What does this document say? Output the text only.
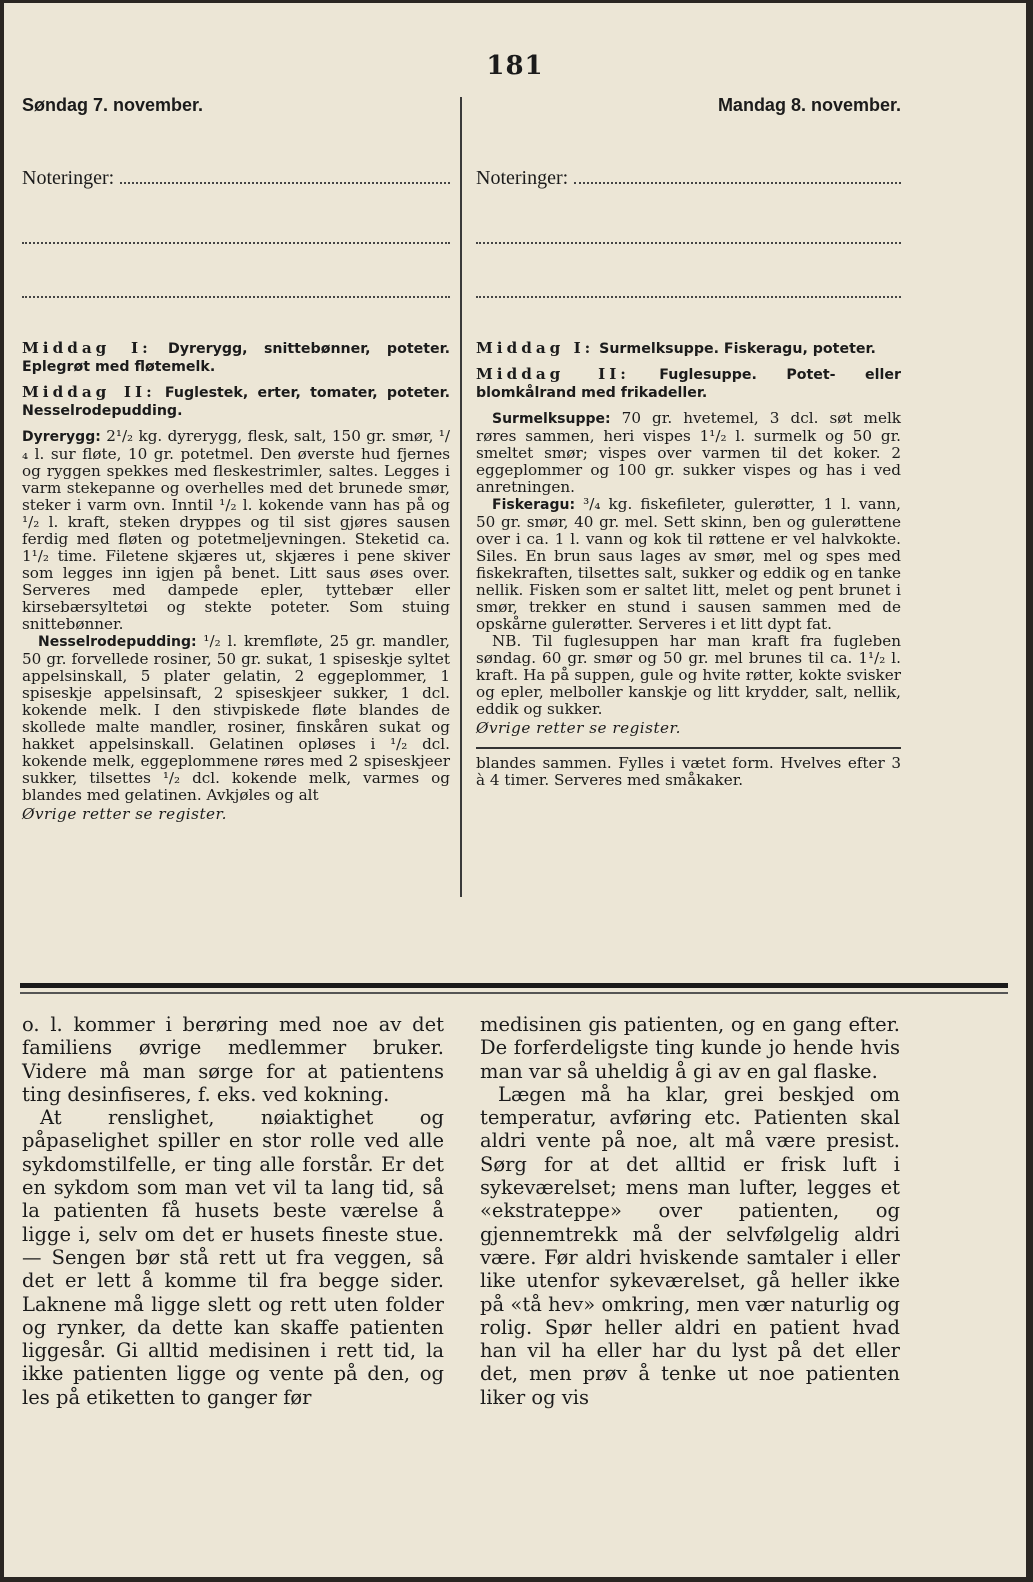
181
Søndag 7. november.
Noteringer:

Middag I: Dyrerygg, snittebønner, poteter. Eplegrøt med fløtemelk.

Middag II: Fuglestek, erter, tomater, poteter. Nesselrodepudding.

Dyrerygg: 2¹/₂ kg. dyrerygg, flesk, salt, 150 gr. smør, ¹/₄ l. sur fløte, 10 gr. potetmel. Den øverste hud fjernes og ryggen spekkes med fleskestrimler, saltes. Legges i varm stekepanne og overhelles med det brunede smør, steker i varm ovn. Inntil ¹/₂ l. kokende vann has på og ¹/₂ l. kraft, steken dryppes og til sist gjøres sausen ferdig med fløten og potetmeljevningen. Steketid ca. 1¹/₂ time. Filetene skjæres ut, skjæres i pene skiver som legges inn igjen på benet. Litt saus øses over. Serveres med dampede epler, tyttebær eller kirsebærsyltetøi og stekte poteter. Som stuing snittebønner.

Nesselrodepudding: ¹/₂ l. kremfløte, 25 gr. mandler, 50 gr. forvellede rosiner, 50 gr. sukat, 1 spiseskje syltet appelsinskall, 5 plater gelatin, 2 eggeplommer, 1 spiseskje appelsinsaft, 2 spiseskjeer sukker, 1 dcl. kokende melk. I den stivpiskede fløte blandes de skollede malte mandler, rosiner, finskåren sukat og hakket appelsinskall. Gelatinen opløses i ¹/₂ dcl. kokende melk, eggeplommene røres med 2 spiseskjeer sukker, tilsettes ¹/₂ dcl. kokende melk, varmes og blandes med gelatinen. Avkjøles og alt

Øvrige retter se register.

Mandag 8. november.
Noteringer:

Middag I: Surmelksuppe. Fiskeragu, poteter.

Middag II: Fuglesuppe. Potet- eller blomkålrand med frikadeller.

Surmelksuppe: 70 gr. hvetemel, 3 dcl. søt melk røres sammen, heri vispes 1¹/₂ l. surmelk og 50 gr. smeltet smør; vispes over varmen til det koker. 2 eggeplommer og 100 gr. sukker vispes og has i ved anretningen.

Fiskeragu: ³/₄ kg. fiskefileter, gulerøtter, 1 l. vann, 50 gr. smør, 40 gr. mel. Sett skinn, ben og gulerøttene over i ca. 1 l. vann og kok til røttene er vel halvkokte. Siles. En brun saus lages av smør, mel og spes med fiskekraften, tilsettes salt, sukker og eddik og en tanke nellik. Fisken som er saltet litt, melet og pent brunet i smør, trekker en stund i sausen sammen med de opskårne gulerøtter. Serveres i et litt dypt fat.

NB. Til fuglesuppen har man kraft fra fugleben søndag. 60 gr. smør og 50 gr. mel brunes til ca. 1¹/₂ l. kraft. Ha på suppen, gule og hvite røtter, kokte svisker og epler, melboller kanskje og litt krydder, salt, nellik, eddik og sukker.

Øvrige retter se register.

blandes sammen. Fylles i vætet form. Hvelves efter 3 à 4 timer. Serveres med småkaker.

o. l. kommer i berøring med noe av det familiens øvrige medlemmer bruker. Videre må man sørge for at patientens ting desinfiseres, f. eks. ved kokning.

At renslighet, nøiaktighet og påpaselighet spiller en stor rolle ved alle sykdomstilfelle, er ting alle forstår. Er det en sykdom som man vet vil ta lang tid, så la patienten få husets beste værelse å ligge i, selv om det er husets fineste stue. — Sengen bør stå rett ut fra veggen, så det er lett å komme til fra begge sider. Laknene må ligge slett og rett uten folder og rynker, da dette kan skaffe patienten liggesår. Gi alltid medisinen i rett tid, la ikke patienten ligge og vente på den, og les på etiketten to ganger før

medisinen gis patienten, og en gang efter. De forferdeligste ting kunde jo hende hvis man var så uheldig å gi av en gal flaske.

Lægen må ha klar, grei beskjed om temperatur, avføring etc. Patienten skal aldri vente på noe, alt må være presist. Sørg for at det alltid er frisk luft i sykeværelset; mens man lufter, legges et «ekstrateppe» over patienten, og gjennemtrekk må der selvfølgelig aldri være. Før aldri hviskende samtaler i eller like utenfor sykeværelset, gå heller ikke på «tå hev» omkring, men vær naturlig og rolig. Spør heller aldri en patient hvad han vil ha eller har du lyst på det eller det, men prøv å tenke ut noe patienten liker og vis
